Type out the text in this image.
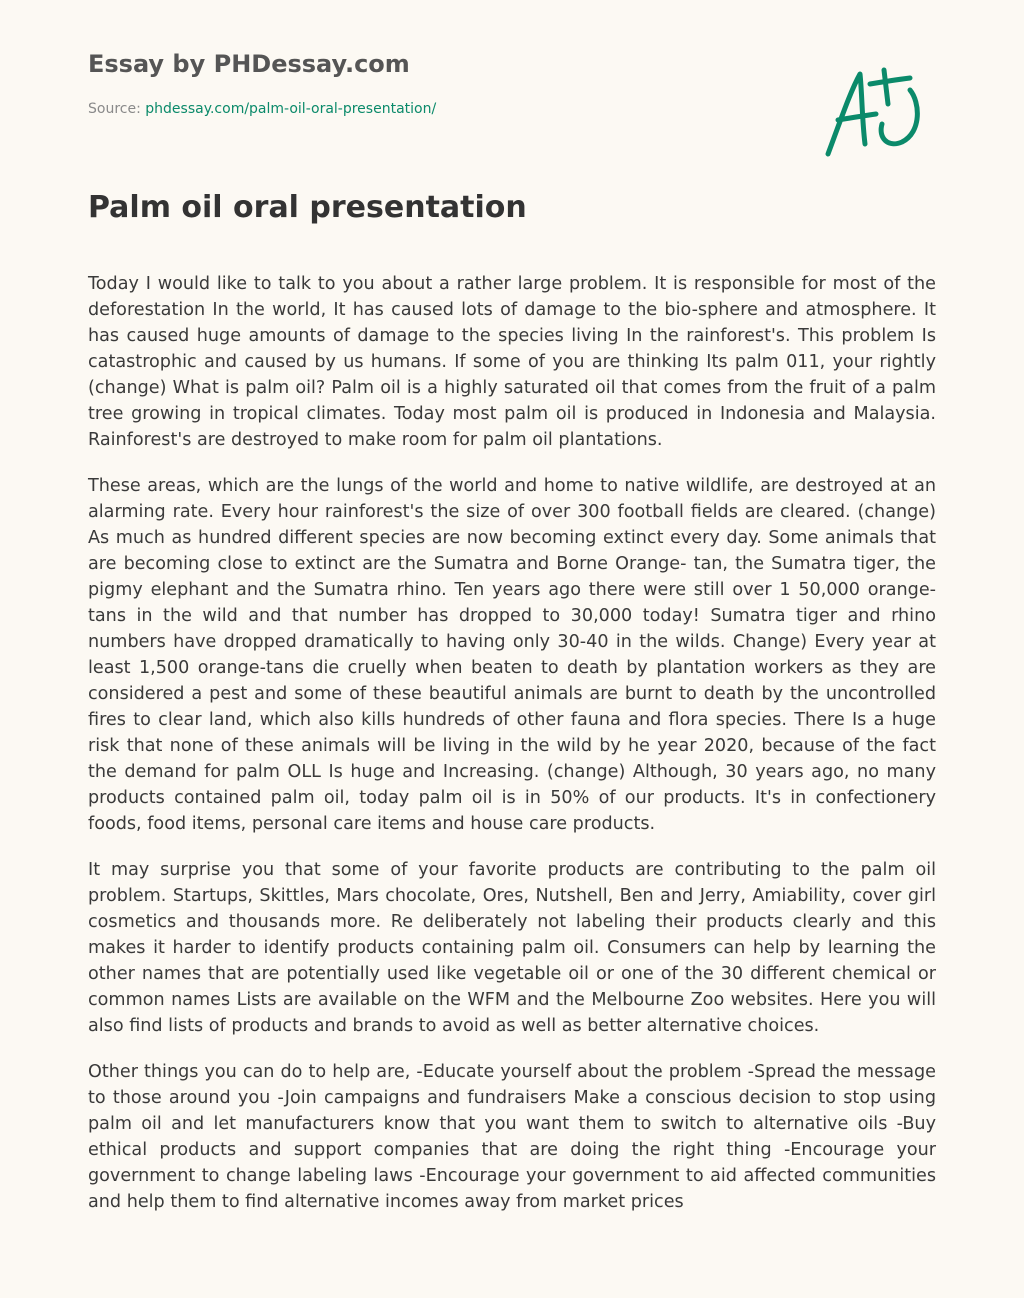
Essay by PHDessay.com
Source: phdessay.com/palm-oil-oral-presentation/
Palm oil oral presentation

Today I would like to talk to you about a rather large problem. It is responsible for most of the deforestation In the world, It has caused lots of damage to the bio-sphere and atmosphere. It has caused huge amounts of damage to the species living In the rainforest's. This problem Is catastrophic and caused by us humans. If some of you are thinking Its palm 011, your rightly (change) What is palm oil? Palm oil is a highly saturated oil that comes from the fruit of a palm tree growing in tropical climates. Today most palm oil is produced in Indonesia and Malaysia. Rainforest's are destroyed to make room for palm oil plantations.

These areas, which are the lungs of the world and home to native wildlife, are destroyed at an alarming rate. Every hour rainforest's the size of over 300 football fields are cleared. (change) As much as hundred different species are now becoming extinct every day. Some animals that are becoming close to extinct are the Sumatra and Borne Orange- tan, the Sumatra tiger, the pigmy elephant and the Sumatra rhino. Ten years ago there were still over 1 50,000 orange-tans in the wild and that number has dropped to 30,000 today! Sumatra tiger and rhino numbers have dropped dramatically to having only 30-40 in the wilds. Change) Every year at least 1,500 orange-tans die cruelly when beaten to death by plantation workers as they are considered a pest and some of these beautiful animals are burnt to death by the uncontrolled fires to clear land, which also kills hundreds of other fauna and flora species. There Is a huge risk that none of these animals will be living in the wild by he year 2020, because of the fact the demand for palm OLL Is huge and Increasing. (change) Although, 30 years ago, no many products contained palm oil, today palm oil is in 50% of our products. It's in confectionery foods, food items, personal care items and house care products.

It may surprise you that some of your favorite products are contributing to the palm oil problem. Startups, Skittles, Mars chocolate, Ores, Nutshell, Ben and Jerry, Amiability, cover girl cosmetics and thousands more. Re deliberately not labeling their products clearly and this makes it harder to identify products containing palm oil. Consumers can help by learning the other names that are potentially used like vegetable oil or one of the 30 different chemical or common names Lists are available on the WFM and the Melbourne Zoo websites. Here you will also find lists of products and brands to avoid as well as better alternative choices.

Other things you can do to help are, -Educate yourself about the problem -Spread the message to those around you -Join campaigns and fundraisers Make a conscious decision to stop using palm oil and let manufacturers know that you want them to switch to alternative oils -Buy ethical products and support companies that are doing the right thing -Encourage your government to change labeling laws -Encourage your government to aid affected communities and help them to find alternative incomes away from market prices
